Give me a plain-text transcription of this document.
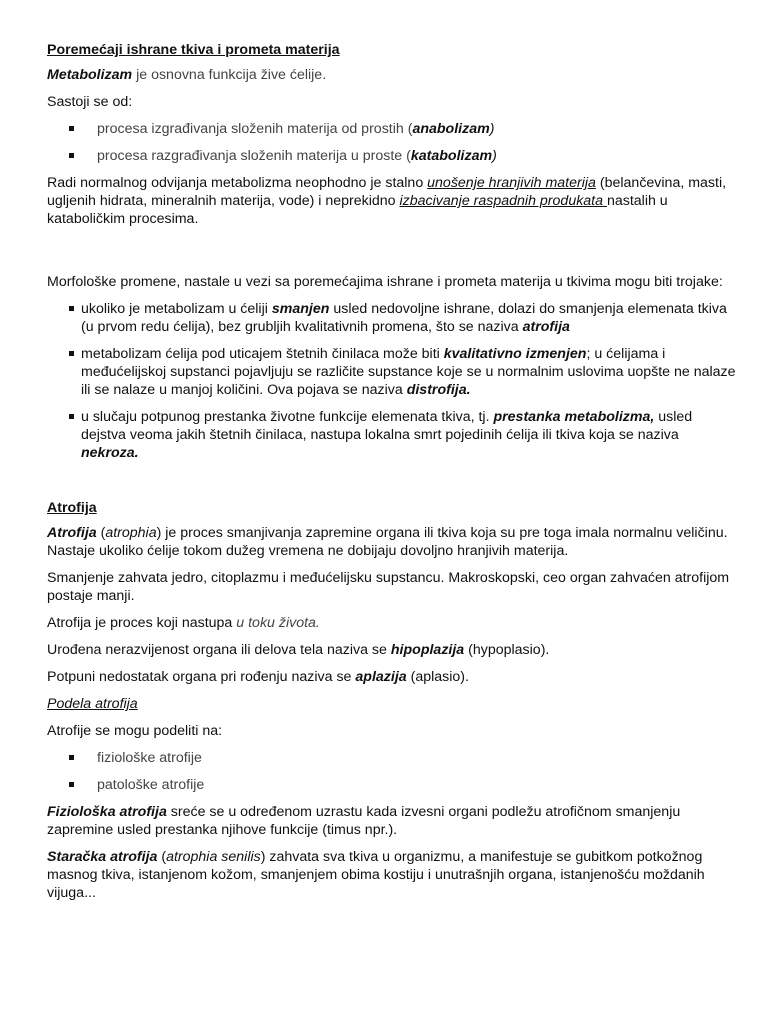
Poremećaji ishrane tkiva i prometa materija

Metabolizam je osnovna funkcija žive ćelije.

Sastoji se od:

procesa izgrađivanja složenih materija od prostih (anabolizam)
procesa razgrađivanja složenih materija u proste (katabolizam)

Radi normalnog odvijanja metabolizma neophodno je stalno unošenje hranjivih materija (belančevina, masti, ugljenih hidrata, mineralnih materija, vode) i neprekidno izbacivanje raspadnih produkata nastalih u kataboličkim procesima.

Morfološke promene, nastale u vezi sa poremećajima ishrane i prometa materija u tkivima mogu biti trojake:

ukoliko je metabolizam u ćeliji smanjen usled nedovoljne ishrane, dolazi do smanjenja elemenata tkiva (u prvom redu ćelija), bez grubljih kvalitativnih promena, što se naziva atrofija
metabolizam ćelija pod uticajem štetnih činilaca može biti kvalitativno izmenjen; u ćelijama i međućelijskoj supstanci pojavljuju se različite supstance koje se u normalnim uslovima uopšte ne nalaze ili se nalaze u manjoj količini. Ova pojava se naziva distrofija.
u slučaju potpunog prestanka životne funkcije elemenata tkiva, tj. prestanka metabolizma, usled dejstva veoma jakih štetnih činilaca, nastupa lokalna smrt pojedinih ćelija ili tkiva koja se naziva nekroza.
Atrofija

Atrofija (atrophia) je proces smanjivanja zapremine organa ili tkiva koja su pre toga imala normalnu veličinu. Nastaje ukoliko ćelije tokom dužeg vremena ne dobijaju dovoljno hranjivih materija.

Smanjenje zahvata jedro, citoplazmu i međućelijsku supstancu. Makroskopski, ceo organ zahvaćen atrofijom postaje manji.

Atrofija je proces koji nastupa u toku života.

Urođena nerazvijenost organa ili delova tela naziva se hipoplazija (hypoplasio).

Potpuni nedostatak organa pri rođenju naziva se aplazija (aplasio).

Podela atrofija

Atrofije se mogu podeliti na:

fiziološke atrofije
patološke atrofije

Fiziološka atrofija sreće se u određenom uzrastu kada izvesni organi podležu atrofičnom smanjenju zapremine usled prestanka njihove funkcije (timus npr.).

Staračka atrofija (atrophia senilis) zahvata sva tkiva u organizmu, a manifestuje se gubitkom potkožnog masnog tkiva, istanjenom kožom, smanjenjem obima kostiju i unutrašnjih organa, istanjenošću moždanih vijuga...
